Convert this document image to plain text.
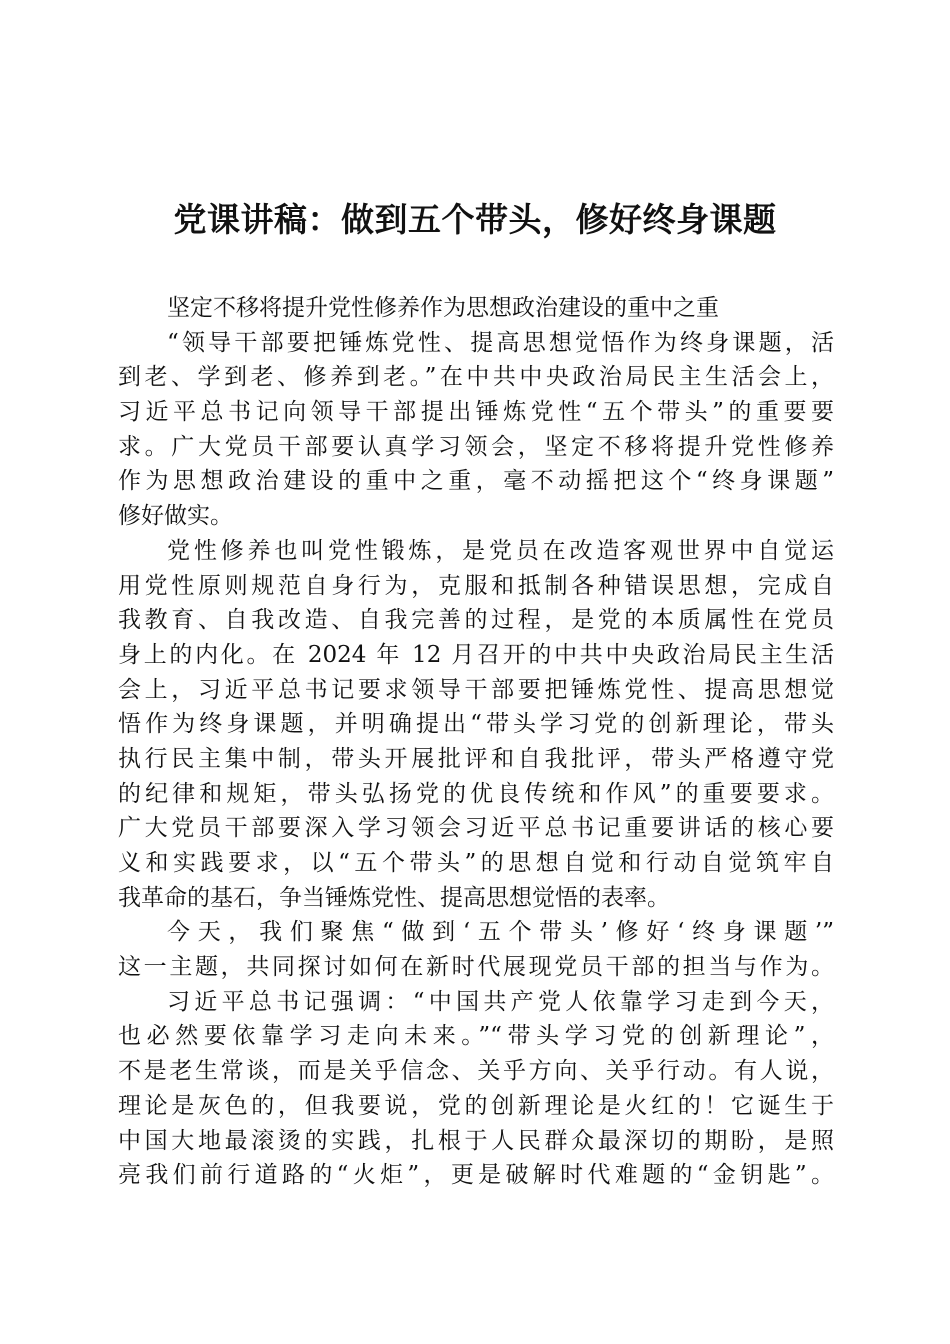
党课讲稿：做到五个带头，修好终身课题
坚定不移将提升党性修养作为思想政治建设的重中之重
“领导干部要把锤炼党性、提高思想觉悟作为终身课题，活
到老、学到老、修养到老。”在中共中央政治局民主生活会上，
习近平总书记向领导干部提出锤炼党性“五个带头”的重要要
求。广大党员干部要认真学习领会，坚定不移将提升党性修养
作为思想政治建设的重中之重，毫不动摇把这个“终身课题”
修好做实。
党性修养也叫党性锻炼，是党员在改造客观世界中自觉运
用党性原则规范自身行为，克服和抵制各种错误思想，完成自
我教育、自我改造、自我完善的过程，是党的本质属性在党员
身上的内化。在 2024 年 12 月召开的中共中央政治局民主生活
会上，习近平总书记要求领导干部要把锤炼党性、提高思想觉
悟作为终身课题，并明确提出“带头学习党的创新理论，带头
执行民主集中制，带头开展批评和自我批评，带头严格遵守党
的纪律和规矩，带头弘扬党的优良传统和作风”的重要要求。
广大党员干部要深入学习领会习近平总书记重要讲话的核心要
义和实践要求，以“五个带头”的思想自觉和行动自觉筑牢自
我革命的基石，争当锤炼党性、提高思想觉悟的表率。
今天，我们聚焦“做到‘五个带头’修好‘终身课题’”
这一主题，共同探讨如何在新时代展现党员干部的担当与作为。
习近平总书记强调：“中国共产党人依靠学习走到今天，
也必然要依靠学习走向未来。”“带头学习党的创新理论”，
不是老生常谈，而是关乎信念、关乎方向、关乎行动。有人说，
理论是灰色的，但我要说，党的创新理论是火红的！它诞生于
中国大地最滚烫的实践，扎根于人民群众最深切的期盼，是照
亮我们前行道路的“火炬”，更是破解时代难题的“金钥匙”。
